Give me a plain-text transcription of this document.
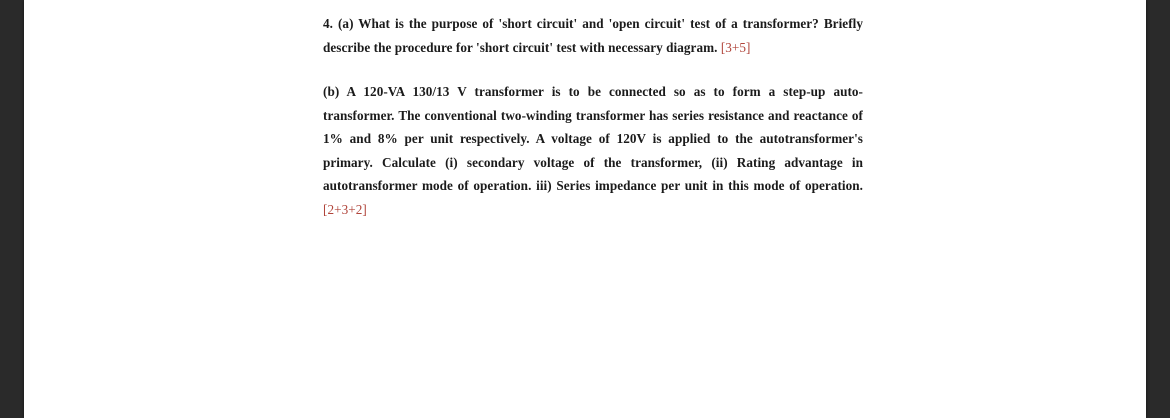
4. (a) What is the purpose of 'short circuit' and 'open circuit' test of a transformer? Briefly
describe the procedure for 'short circuit' test with necessary diagram. [3+5]
(b) A 120-VA 130/13 V transformer is to be connected so as to form a step-up auto-
transformer. The conventional two-winding transformer has series resistance and reactance of
1% and 8% per unit respectively. A voltage of 120V is applied to the autotransformer's
primary. Calculate (i) secondary voltage of the transformer, (ii) Rating advantage in
autotransformer mode of operation. iii) Series impedance per unit in this mode of operation.
[2+3+2]
